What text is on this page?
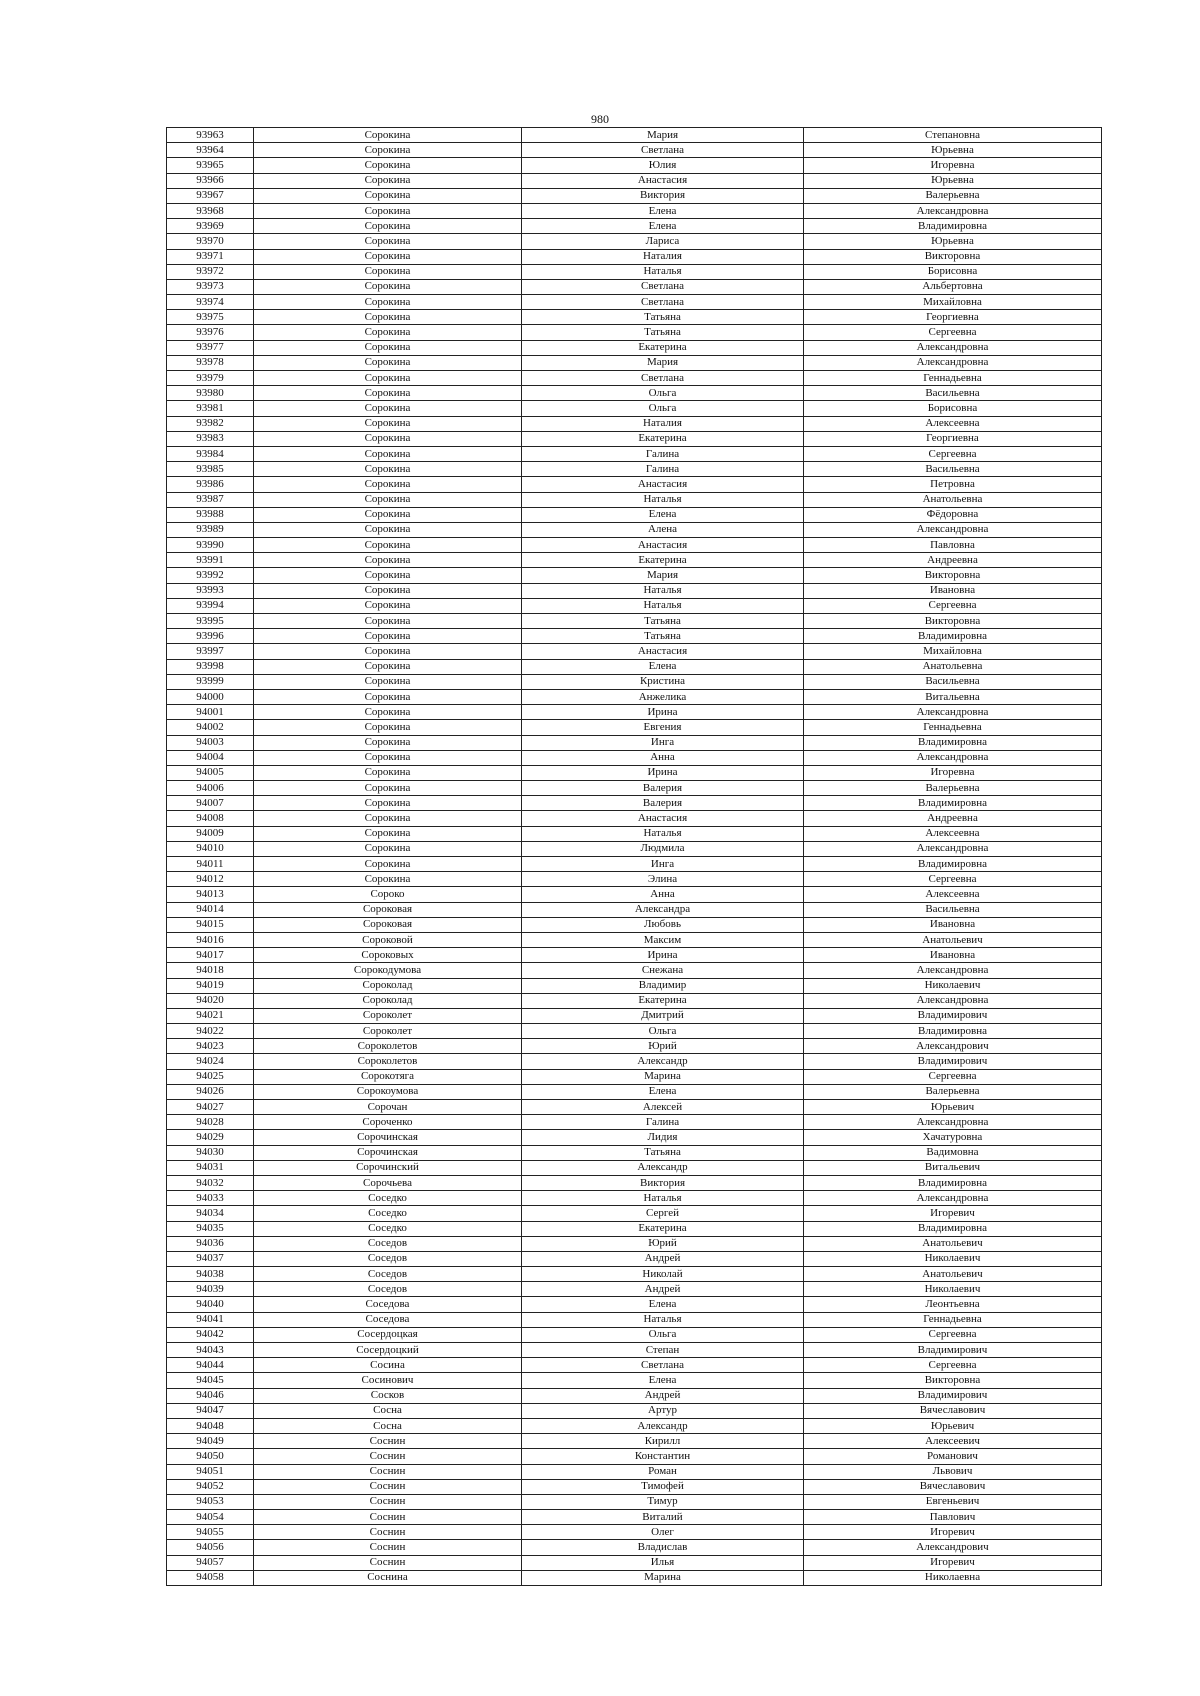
980
93963	Сорокина	Мария	Степановна
93964	Сорокина	Светлана	Юрьевна
93965	Сорокина	Юлия	Игоревна
93966	Сорокина	Анастасия	Юрьевна
93967	Сорокина	Виктория	Валерьевна
93968	Сорокина	Елена	Александровна
93969	Сорокина	Елена	Владимировна
93970	Сорокина	Лариса	Юрьевна
93971	Сорокина	Наталия	Викторовна
93972	Сорокина	Наталья	Борисовна
93973	Сорокина	Светлана	Альбертовна
93974	Сорокина	Светлана	Михайловна
93975	Сорокина	Татьяна	Георгиевна
93976	Сорокина	Татьяна	Сергеевна
93977	Сорокина	Екатерина	Александровна
93978	Сорокина	Мария	Александровна
93979	Сорокина	Светлана	Геннадьевна
93980	Сорокина	Ольга	Васильевна
93981	Сорокина	Ольга	Борисовна
93982	Сорокина	Наталия	Алексеевна
93983	Сорокина	Екатерина	Георгиевна
93984	Сорокина	Галина	Сергеевна
93985	Сорокина	Галина	Васильевна
93986	Сорокина	Анастасия	Петровна
93987	Сорокина	Наталья	Анатольевна
93988	Сорокина	Елена	Фёдоровна
93989	Сорокина	Алена	Александровна
93990	Сорокина	Анастасия	Павловна
93991	Сорокина	Екатерина	Андреевна
93992	Сорокина	Мария	Викторовна
93993	Сорокина	Наталья	Ивановна
93994	Сорокина	Наталья	Сергеевна
93995	Сорокина	Татьяна	Викторовна
93996	Сорокина	Татьяна	Владимировна
93997	Сорокина	Анастасия	Михайловна
93998	Сорокина	Елена	Анатольевна
93999	Сорокина	Кристина	Васильевна
94000	Сорокина	Анжелика	Витальевна
94001	Сорокина	Ирина	Александровна
94002	Сорокина	Евгения	Геннадьевна
94003	Сорокина	Инга	Владимировна
94004	Сорокина	Анна	Александровна
94005	Сорокина	Ирина	Игоревна
94006	Сорокина	Валерия	Валерьевна
94007	Сорокина	Валерия	Владимировна
94008	Сорокина	Анастасия	Андреевна
94009	Сорокина	Наталья	Алексеевна
94010	Сорокина	Людмила	Александровна
94011	Сорокина	Инга	Владимировна
94012	Сорокина	Элина	Сергеевна
94013	Сороко	Анна	Алексеевна
94014	Сороковая	Александра	Васильевна
94015	Сороковая	Любовь	Ивановна
94016	Сороковой	Максим	Анатольевич
94017	Сороковых	Ирина	Ивановна
94018	Сорокодумова	Снежана	Александровна
94019	Сороколад	Владимир	Николаевич
94020	Сороколад	Екатерина	Александровна
94021	Сороколет	Дмитрий	Владимирович
94022	Сороколет	Ольга	Владимировна
94023	Сороколетов	Юрий	Александрович
94024	Сороколетов	Александр	Владимирович
94025	Сорокотяга	Марина	Сергеевна
94026	Сорокоумова	Елена	Валерьевна
94027	Сорочан	Алексей	Юрьевич
94028	Сороченко	Галина	Александровна
94029	Сорочинская	Лидия	Хачатуровна
94030	Сорочинская	Татьяна	Вадимовна
94031	Сорочинский	Александр	Витальевич
94032	Сорочьева	Виктория	Владимировна
94033	Соседко	Наталья	Александровна
94034	Соседко	Сергей	Игоревич
94035	Соседко	Екатерина	Владимировна
94036	Соседов	Юрий	Анатольевич
94037	Соседов	Андрей	Николаевич
94038	Соседов	Николай	Анатольевич
94039	Соседов	Андрей	Николаевич
94040	Соседова	Елена	Леонтьевна
94041	Соседова	Наталья	Геннадьевна
94042	Сосердоцкая	Ольга	Сергеевна
94043	Сосердоцкий	Степан	Владимирович
94044	Сосина	Светлана	Сергеевна
94045	Сосинович	Елена	Викторовна
94046	Сосков	Андрей	Владимирович
94047	Сосна	Артур	Вячеславович
94048	Сосна	Александр	Юрьевич
94049	Соснин	Кирилл	Алексеевич
94050	Соснин	Константин	Романович
94051	Соснин	Роман	Львович
94052	Соснин	Тимофей	Вячеславович
94053	Соснин	Тимур	Евгеньевич
94054	Соснин	Виталий	Павлович
94055	Соснин	Олег	Игоревич
94056	Соснин	Владислав	Александрович
94057	Соснин	Илья	Игоревич
94058	Соснина	Марина	Николаевна
